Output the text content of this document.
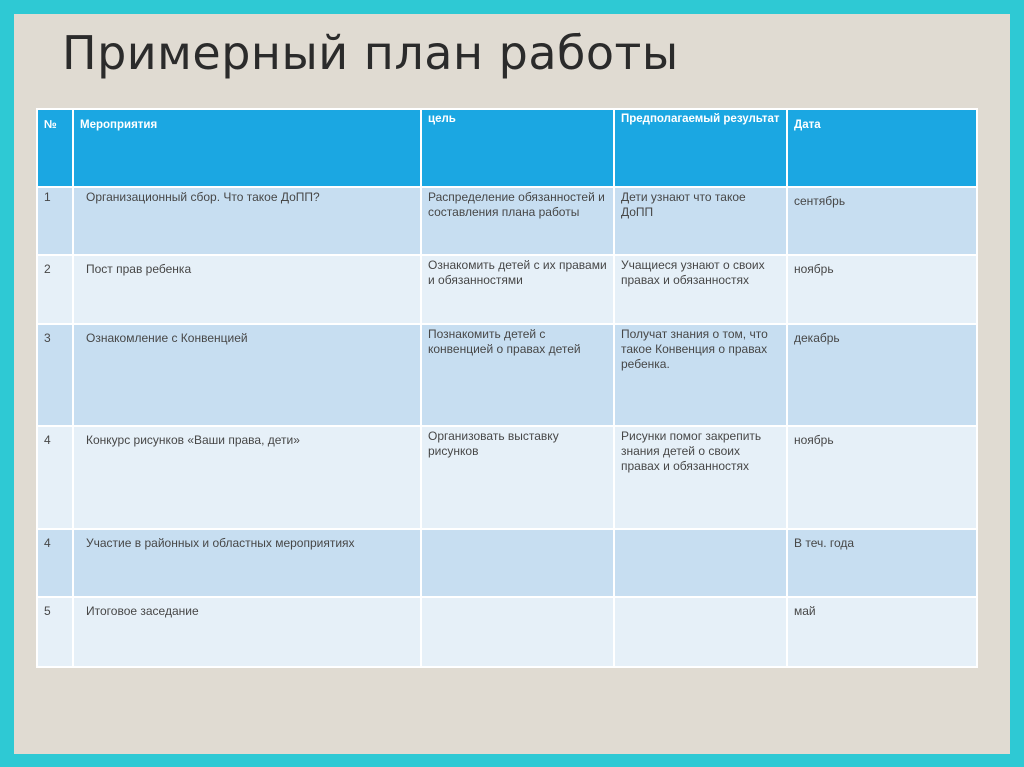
Примерный план работы
№	Мероприятия	цель	Предполагаемый результат	Дата
1	Организационный сбор. Что такое ДоПП?	Распределение обязанностей и составления плана работы	Дети узнают что такое ДоПП	сентябрь
2	Пост прав ребенка	Ознакомить детей с их правами и обязанностями	Учащиеся узнают о своих правах и обязанностях	ноябрь
3	Ознакомление с Конвенцией	Познакомить детей с конвенцией о правах детей	Получат знания о том, что такое Конвенция о правах ребенка.	декабрь
4	Конкурс рисунков «Ваши права, дети»	Организовать выставку рисунков	Рисунки помог закрепить знания детей о своих правах и обязанностях	ноябрь
4	Участие в районных и областных мероприятиях			В теч. года
5	Итоговое заседание			май
